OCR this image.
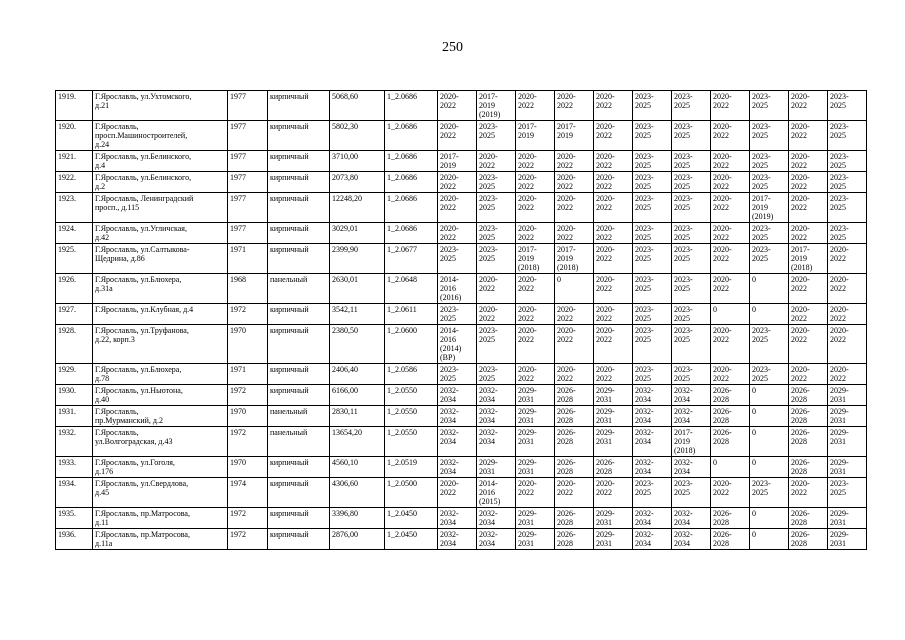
250
1919.	Г.Ярославль, ул.Ухтомского,
д.21	1977	кирпичный	5068,60	1_2.0686	2020-
2022	2017-
2019
(2019)	2020-
2022	2020-
2022	2020-
2022	2023-
2025	2023-
2025	2020-
2022	2023-
2025	2020-
2022	2023-
2025
1920.	Г.Ярославль,
просп.Машиностроителей,
д.24	1977	кирпичный	5802,30	1_2.0686	2020-
2022	2023-
2025	2017-
2019	2017-
2019	2020-
2022	2023-
2025	2023-
2025	2020-
2022	2023-
2025	2020-
2022	2023-
2025
1921.	Г.Ярославль, ул.Белинского,
д.4	1977	кирпичный	3710,00	1_2.0686	2017-
2019	2020-
2022	2020-
2022	2020-
2022	2020-
2022	2023-
2025	2023-
2025	2020-
2022	2023-
2025	2020-
2022	2023-
2025
1922.	Г.Ярославль, ул.Белинского,
д.2	1977	кирпичный	2073,80	1_2.0686	2020-
2022	2023-
2025	2020-
2022	2020-
2022	2020-
2022	2023-
2025	2023-
2025	2020-
2022	2023-
2025	2020-
2022	2023-
2025
1923.	Г.Ярославль, Ленинградский
просп., д.115	1977	кирпичный	12248,20	1_2.0686	2020-
2022	2023-
2025	2020-
2022	2020-
2022	2020-
2022	2023-
2025	2023-
2025	2020-
2022	2017-
2019
(2019)	2020-
2022	2023-
2025
1924.	Г.Ярославль, ул.Угличская,
д.42	1977	кирпичный	3029,01	1_2.0686	2020-
2022	2023-
2025	2020-
2022	2020-
2022	2020-
2022	2023-
2025	2023-
2025	2020-
2022	2023-
2025	2020-
2022	2023-
2025
1925.	Г.Ярославль, ул.Салтыкова-
Щедрина, д.86	1971	кирпичный	2399,90	1_2.0677	2023-
2025	2023-
2025	2017-
2019
(2018)	2017-
2019
(2018)	2020-
2022	2023-
2025	2023-
2025	2020-
2022	2023-
2025	2017-
2019
(2018)	2020-
2022
1926.	Г.Ярославль, ул.Блюхера,
д.31а	1968	панельный	2630,01	1_2.0648	2014-
2016
(2016)	2020-
2022	2020-
2022	0	2020-
2022	2023-
2025	2023-
2025	2020-
2022	0	2020-
2022	2020-
2022
1927.	Г.Ярославль, ул.Клубная, д.4	1972	кирпичный	3542,11	1_2.0611	2023-
2025	2020-
2022	2020-
2022	2020-
2022	2020-
2022	2023-
2025	2023-
2025	0	0	2020-
2022	2020-
2022
1928.	Г.Ярославль, ул.Труфанова,
д.22, корп.3	1970	кирпичный	2380,50	1_2.0600	2014-
2016
(2014)
(ВР)	2023-
2025	2020-
2022	2020-
2022	2020-
2022	2023-
2025	2023-
2025	2020-
2022	2023-
2025	2020-
2022	2020-
2022
1929.	Г.Ярославль, ул.Блюхера,
д.78	1971	кирпичный	2406,40	1_2.0586	2023-
2025	2023-
2025	2020-
2022	2020-
2022	2020-
2022	2023-
2025	2023-
2025	2020-
2022	2023-
2025	2020-
2022	2020-
2022
1930.	Г.Ярославль, ул.Ньютона,
д.40	1972	кирпичный	6166,00	1_2.0550	2032-
2034	2032-
2034	2029-
2031	2026-
2028	2029-
2031	2032-
2034	2032-
2034	2026-
2028	0	2026-
2028	2029-
2031
1931.	Г.Ярославль,
пр.Мурманский, д.2	1970	панельный	2830,11	1_2.0550	2032-
2034	2032-
2034	2029-
2031	2026-
2028	2029-
2031	2032-
2034	2032-
2034	2026-
2028	0	2026-
2028	2029-
2031
1932.	Г.Ярославль,
ул.Волгоградская, д.43	1972	панельный	13654,20	1_2.0550	2032-
2034	2032-
2034	2029-
2031	2026-
2028	2029-
2031	2032-
2034	2017-
2019
(2018)	2026-
2028	0	2026-
2028	2029-
2031
1933.	Г.Ярославль, ул.Гоголя,
д.176	1970	кирпичный	4560,10	1_2.0519	2032-
2034	2029-
2031	2029-
2031	2026-
2028	2026-
2028	2032-
2034	2032-
2034	0	0	2026-
2028	2029-
2031
1934.	Г.Ярославль, ул.Свердлова,
д.45	1974	кирпичный	4306,60	1_2.0500	2020-
2022	2014-
2016
(2015)	2020-
2022	2020-
2022	2020-
2022	2023-
2025	2023-
2025	2020-
2022	2023-
2025	2020-
2022	2023-
2025
1935.	Г.Ярославль, пр.Матросова,
д.11	1972	кирпичный	3396,80	1_2.0450	2032-
2034	2032-
2034	2029-
2031	2026-
2028	2029-
2031	2032-
2034	2032-
2034	2026-
2028	0	2026-
2028	2029-
2031
1936.	Г.Ярославль, пр.Матросова,
д.11а	1972	кирпичный	2876,00	1_2.0450	2032-
2034	2032-
2034	2029-
2031	2026-
2028	2029-
2031	2032-
2034	2032-
2034	2026-
2028	0	2026-
2028	2029-
2031
